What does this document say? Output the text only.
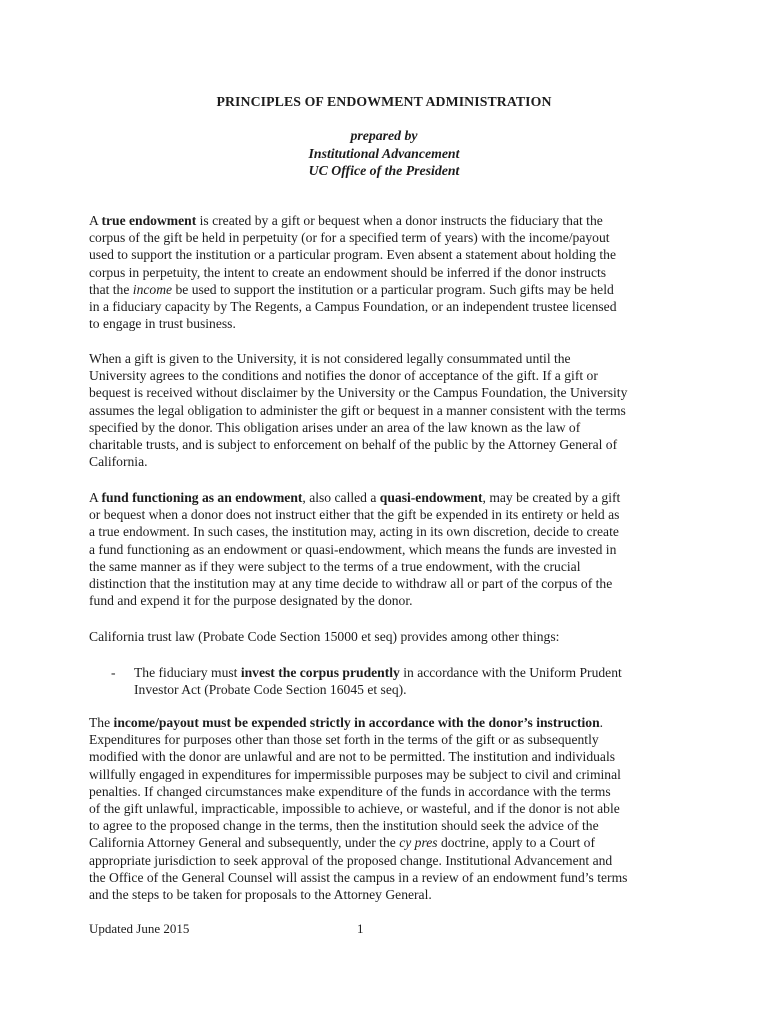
PRINCIPLES OF ENDOWMENT ADMINISTRATION
prepared by
Institutional Advancement
UC Office of the President
A true endowment is created by a gift or bequest when a donor instructs the fiduciary that the
corpus of the gift be held in perpetuity (or for a specified term of years) with the income/payout
used to support the institution or a particular program. Even absent a statement about holding the
corpus in perpetuity, the intent to create an endowment should be inferred if the donor instructs
that the income be used to support the institution or a particular program. Such gifts may be held
in a fiduciary capacity by The Regents, a Campus Foundation, or an independent trustee licensed
to engage in trust business.
When a gift is given to the University, it is not considered legally consummated until the
University agrees to the conditions and notifies the donor of acceptance of the gift. If a gift or
bequest is received without disclaimer by the University or the Campus Foundation, the University
assumes the legal obligation to administer the gift or bequest in a manner consistent with the terms
specified by the donor. This obligation arises under an area of the law known as the law of
charitable trusts, and is subject to enforcement on behalf of the public by the Attorney General of
California.
A fund functioning as an endowment, also called a quasi-endowment, may be created by a gift
or bequest when a donor does not instruct either that the gift be expended in its entirety or held as
a true endowment. In such cases, the institution may, acting in its own discretion, decide to create
a fund functioning as an endowment or quasi-endowment, which means the funds are invested in
the same manner as if they were subject to the terms of a true endowment, with the crucial
distinction that the institution may at any time decide to withdraw all or part of the corpus of the
fund and expend it for the purpose designated by the donor.
California trust law (Probate Code Section 15000 et seq) provides among other things:
- The fiduciary must invest the corpus prudently in accordance with the Uniform Prudent
Investor Act (Probate Code Section 16045 et seq).
The income/payout must be expended strictly in accordance with the donor’s instruction.
Expenditures for purposes other than those set forth in the terms of the gift or as subsequently
modified with the donor are unlawful and are not to be permitted. The institution and individuals
willfully engaged in expenditures for impermissible purposes may be subject to civil and criminal
penalties. If changed circumstances make expenditure of the funds in accordance with the terms
of the gift unlawful, impracticable, impossible to achieve, or wasteful, and if the donor is not able
to agree to the proposed change in the terms, then the institution should seek the advice of the
California Attorney General and subsequently, under the cy pres doctrine, apply to a Court of
appropriate jurisdiction to seek approval of the proposed change. Institutional Advancement and
the Office of the General Counsel will assist the campus in a review of an endowment fund’s terms
and the steps to be taken for proposals to the Attorney General.
Updated June 2015	1
